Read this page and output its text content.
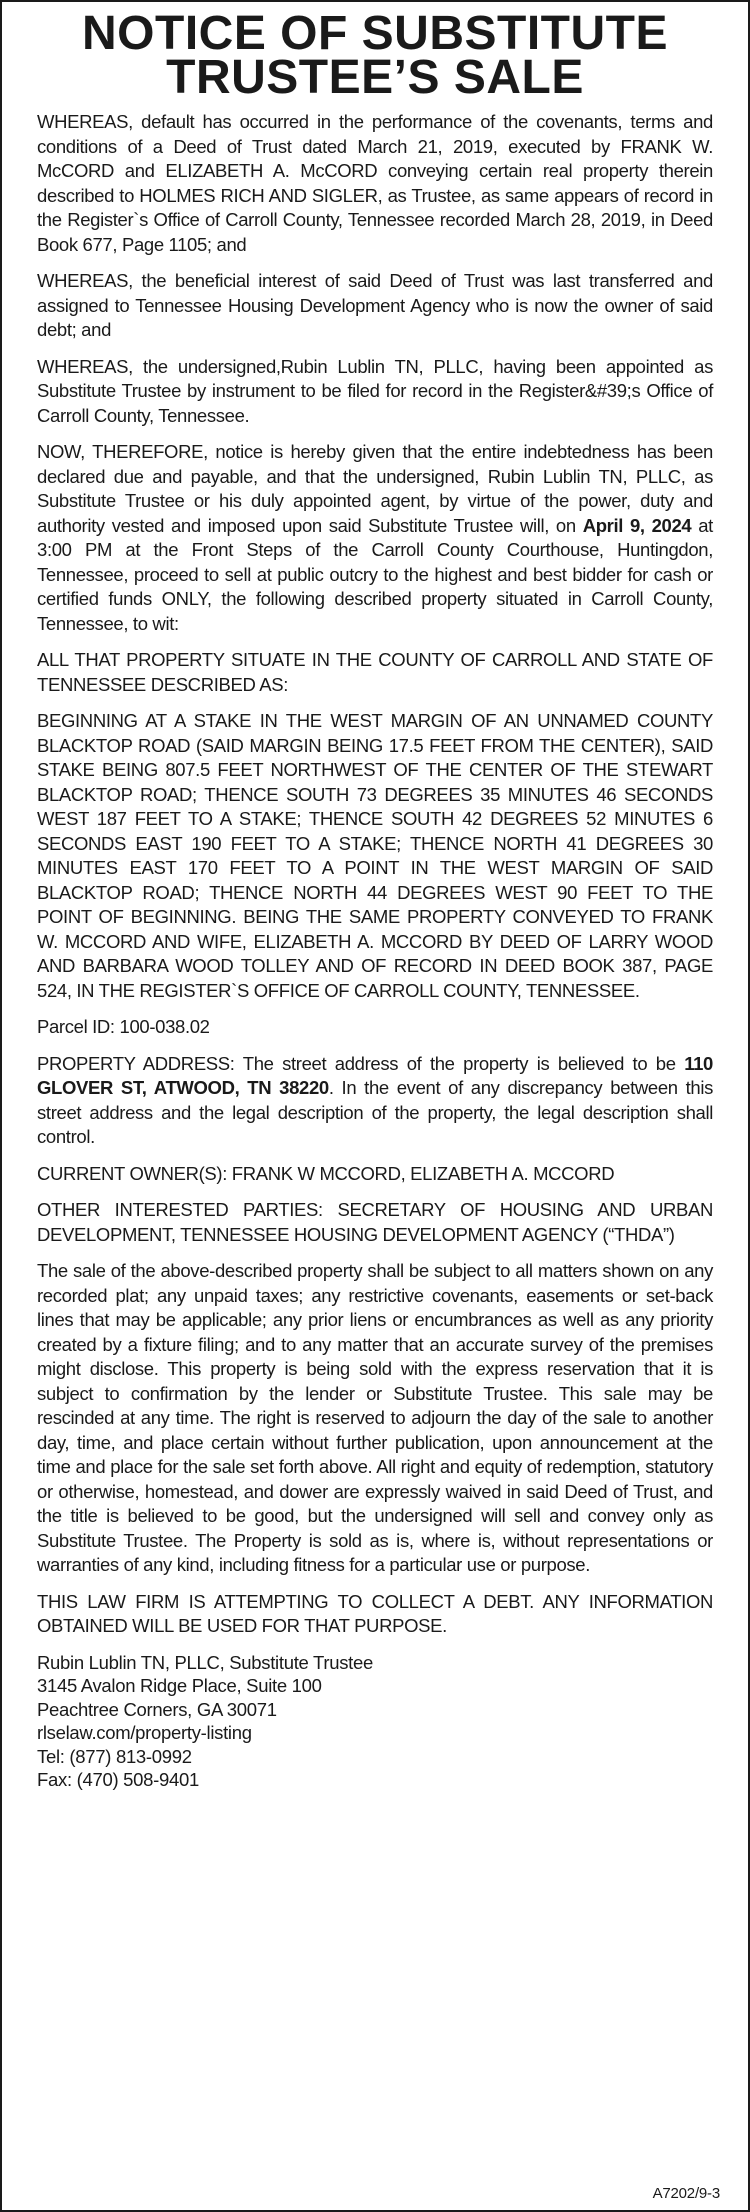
NOTICE OF SUBSTITUTE
TRUSTEE’S SALE

WHEREAS, default has occurred in the performance of the covenants, terms and conditions of a Deed of Trust dated March 21, 2019, executed by FRANK W. McCORD and ELIZABETH A. McCORD conveying certain real property therein described to HOLMES RICH AND SIGLER, as Trustee, as same appears of record in the Register`s Office of Carroll County, Tennessee recorded March 28, 2019, in Deed Book 677, Page 1105; and

WHEREAS, the beneficial interest of said Deed of Trust was last transferred and assigned to Tennessee Housing Development Agency who is now the owner of said debt; and

WHEREAS, the undersigned,Rubin Lublin TN, PLLC, having been appointed as Substitute Trustee by instrument to be filed for record in the Register&#39;s Office of Carroll County, Tennessee.

NOW, THEREFORE, notice is hereby given that the entire indebtedness has been declared due and payable, and that the undersigned, Rubin Lublin TN, PLLC, as Substitute Trustee or his duly appointed agent, by virtue of the power, duty and authority vested and imposed upon said Substitute Trustee will, on April 9, 2024 at 3:00 PM at the Front Steps of the Carroll County Courthouse, Huntingdon, Tennessee, proceed to sell at public outcry to the highest and best bidder for cash or certified funds ONLY, the following described property situated in Carroll County, Tennessee, to wit:

ALL THAT PROPERTY SITUATE IN THE COUNTY OF CARROLL AND STATE OF TENNESSEE DESCRIBED AS:

BEGINNING AT A STAKE IN THE WEST MARGIN OF AN UNNAMED COUNTY BLACKTOP ROAD (SAID MARGIN BEING 17.5 FEET FROM THE CENTER), SAID STAKE BEING 807.5 FEET NORTHWEST OF THE CENTER OF THE STEWART BLACKTOP ROAD; THENCE SOUTH 73 DEGREES 35 MINUTES 46 SECONDS WEST 187 FEET TO A STAKE; THENCE SOUTH 42 DEGREES 52 MINUTES 6 SECONDS EAST 190 FEET TO A STAKE; THENCE NORTH 41 DEGREES 30 MINUTES EAST 170 FEET TO A POINT IN THE WEST MARGIN OF SAID BLACKTOP ROAD; THENCE NORTH 44 DEGREES WEST 90 FEET TO THE POINT OF BEGINNING. BEING THE SAME PROPERTY CONVEYED TO FRANK W. MCCORD AND WIFE, ELIZABETH A. MCCORD BY DEED OF LARRY WOOD AND BARBARA WOOD TOLLEY AND OF RECORD IN DEED BOOK 387, PAGE 524, IN THE REGISTER`S OFFICE OF CARROLL COUNTY, TENNESSEE.

Parcel ID: 100-038.02

PROPERTY ADDRESS: The street address of the property is believed to be 110 GLOVER ST, ATWOOD, TN 38220. In the event of any discrepancy between this street address and the legal description of the property, the legal description shall control.

CURRENT OWNER(S): FRANK W MCCORD, ELIZABETH A. MCCORD

OTHER INTERESTED PARTIES: SECRETARY OF HOUSING AND URBAN DEVELOPMENT, TENNESSEE HOUSING DEVELOPMENT AGENCY (“THDA”)

The sale of the above-described property shall be subject to all matters shown on any recorded plat; any unpaid taxes; any restrictive covenants, easements or set-back lines that may be applicable; any prior liens or encumbrances as well as any priority created by a fixture filing; and to any matter that an accurate survey of the premises might disclose. This property is being sold with the express reservation that it is subject to confirmation by the lender or Substitute Trustee. This sale may be rescinded at any time. The right is reserved to adjourn the day of the sale to another day, time, and place certain without further publication, upon announcement at the time and place for the sale set forth above. All right and equity of redemption, statutory or otherwise, homestead, and dower are expressly waived in said Deed of Trust, and the title is believed to be good, but the undersigned will sell and convey only as Substitute Trustee. The Property is sold as is, where is, without representations or warranties of any kind, including fitness for a particular use or purpose.

THIS LAW FIRM IS ATTEMPTING TO COLLECT A DEBT. ANY INFORMATION OBTAINED WILL BE USED FOR THAT PURPOSE.

Rubin Lublin TN, PLLC, Substitute Trustee
3145 Avalon Ridge Place, Suite 100
Peachtree Corners, GA 30071
rlselaw.com/property-listing
Tel: (877) 813-0992
Fax: (470) 508-9401
A7202/9-3
